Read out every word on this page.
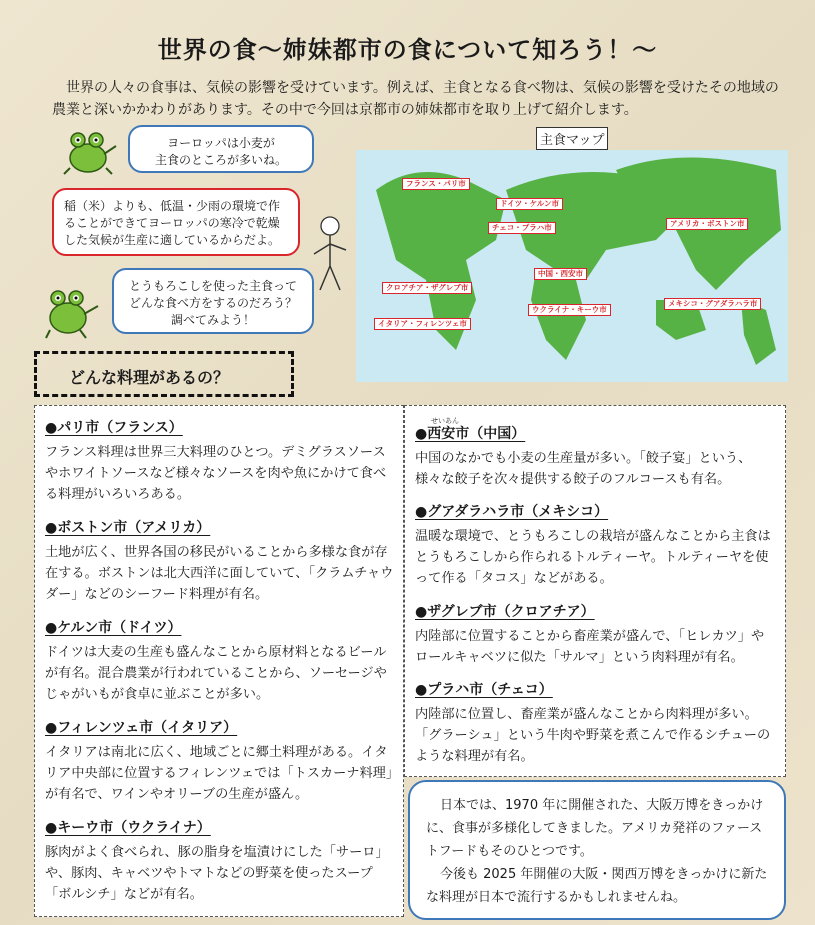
世界の食～姉妹都市の食について知ろう！～
世界の人々の食事は、気候の影響を受けています。例えば、主食となる食べ物は、気候の影響を受けたその地域の農業と深いかかわりがあります。その中で今回は京都市の姉妹都市を取り上げて紹介します。
ヨーロッパは小麦が
主食のところが多いね。
稲（米）よりも、低温・少雨の環境で作ることができてヨーロッパの寒冷で乾燥した気候が生産に適しているからだよ。
とうもろこしを使った主食って
どんな食べ方をするのだろう？
調べてみよう！
主食マップ
フランス・パリ市
ドイツ・ケルン市
チェコ・プラハ市	アメリカ・ボストン市
中国・西安市
クロアチア・ザグレブ市
ウクライナ・キーウ市
イタリア・フィレンツェ市
メキシコ・グアダラハラ市
どんな料理があるの？
●パリ市（フランス）

フランス料理は世界三大料理のひとつ。デミグラスソースやホワイトソースなど様々なソースを肉や魚にかけて食べる料理がいろいろある。

●ボストン市（アメリカ）

土地が広く、世界各国の移民がいることから多様な食が存在する。ボストンは北大西洋に面していて、「クラムチャウダー」などのシーフード料理が有名。

●ケルン市（ドイツ）

ドイツは大麦の生産も盛んなことから原材料となるビールが有名。混合農業が行われていることから、ソーセージやじゃがいもが食卓に並ぶことが多い。

●フィレンツェ市（イタリア）

イタリアは南北に広く、地域ごとに郷土料理がある。イタリア中央部に位置するフィレンツェでは「トスカーナ料理」が有名で、ワインやオリーブの生産が盛ん。

●キーウ市（ウクライナ）

豚肉がよく食べられ、豚の脂身を塩漬けにした「サーロ」や、豚肉、キャベツやトマトなどの野菜を使ったスープ「ボルシチ」などが有名。

せいあん
●西安市（中国）

中国のなかでも小麦の生産量が多い。「餃子宴」という、様々な餃子を次々提供する餃子のフルコースも有名。

●グアダラハラ市（メキシコ）

温暖な環境で、とうもろこしの栽培が盛んなことから主食はとうもろこしから作られるトルティーヤ。トルティーヤを使って作る「タコス」などがある。

●ザグレブ市（クロアチア）

内陸部に位置することから畜産業が盛んで、「ヒレカツ」やロールキャベツに似た「サルマ」という肉料理が有名。

●プラハ市（チェコ）

内陸部に位置し、畜産業が盛んなことから肉料理が多い。「グラーシュ」という牛肉や野菜を煮こんで作るシチューのような料理が有名。

日本では、1970 年に開催された、大阪万博をきっかけに、食事が多様化してきました。アメリカ発祥のファーストフードもそのひとつです。

今後も 2025 年開催の大阪・関西万博をきっかけに新たな料理が日本で流行するかもしれませんね。
